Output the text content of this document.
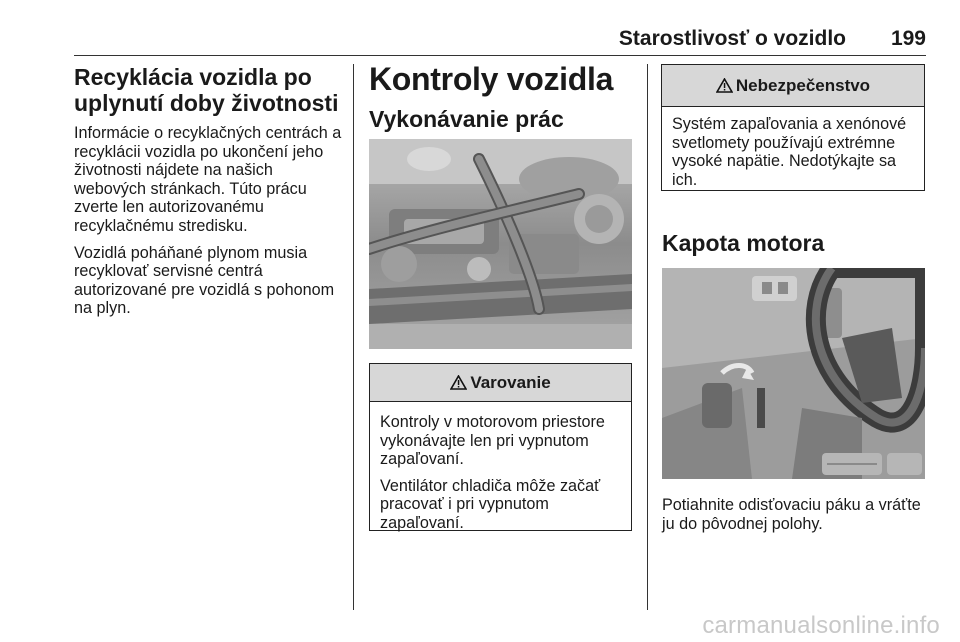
Starostlivosť o vozidlo 199
Recyklácia vozidla po
uplynutí doby životnosti

Informácie o recyklačných centrách a
recyklácii vozidla po ukončení jeho
životnosti nájdete na našich
webových stránkach. Túto prácu
zverte len autorizovanému
recyklačnému stredisku.

Vozidlá poháňané plynom musia
recyklovať servisné centrá
autorizované pre vozidlá s pohonom
na plyn.

Kontroly vozidla
Vykonávanie prác
Varovanie

Kontroly v motorovom priestore
vykonávajte len pri vypnutom
zapaľovaní.

Ventilátor chladiča môže začať
pracovať i pri vypnutom
zapaľovaní.

Nebezpečenstvo

Systém zapaľovania a xenónové
svetlomety používajú extrémne
vysoké napätie. Nedotýkajte sa
ich.

Kapota motora

Potiahnite odisťovaciu páku a vráťte
ju do pôvodnej polohy.

carmanualsonline.info
